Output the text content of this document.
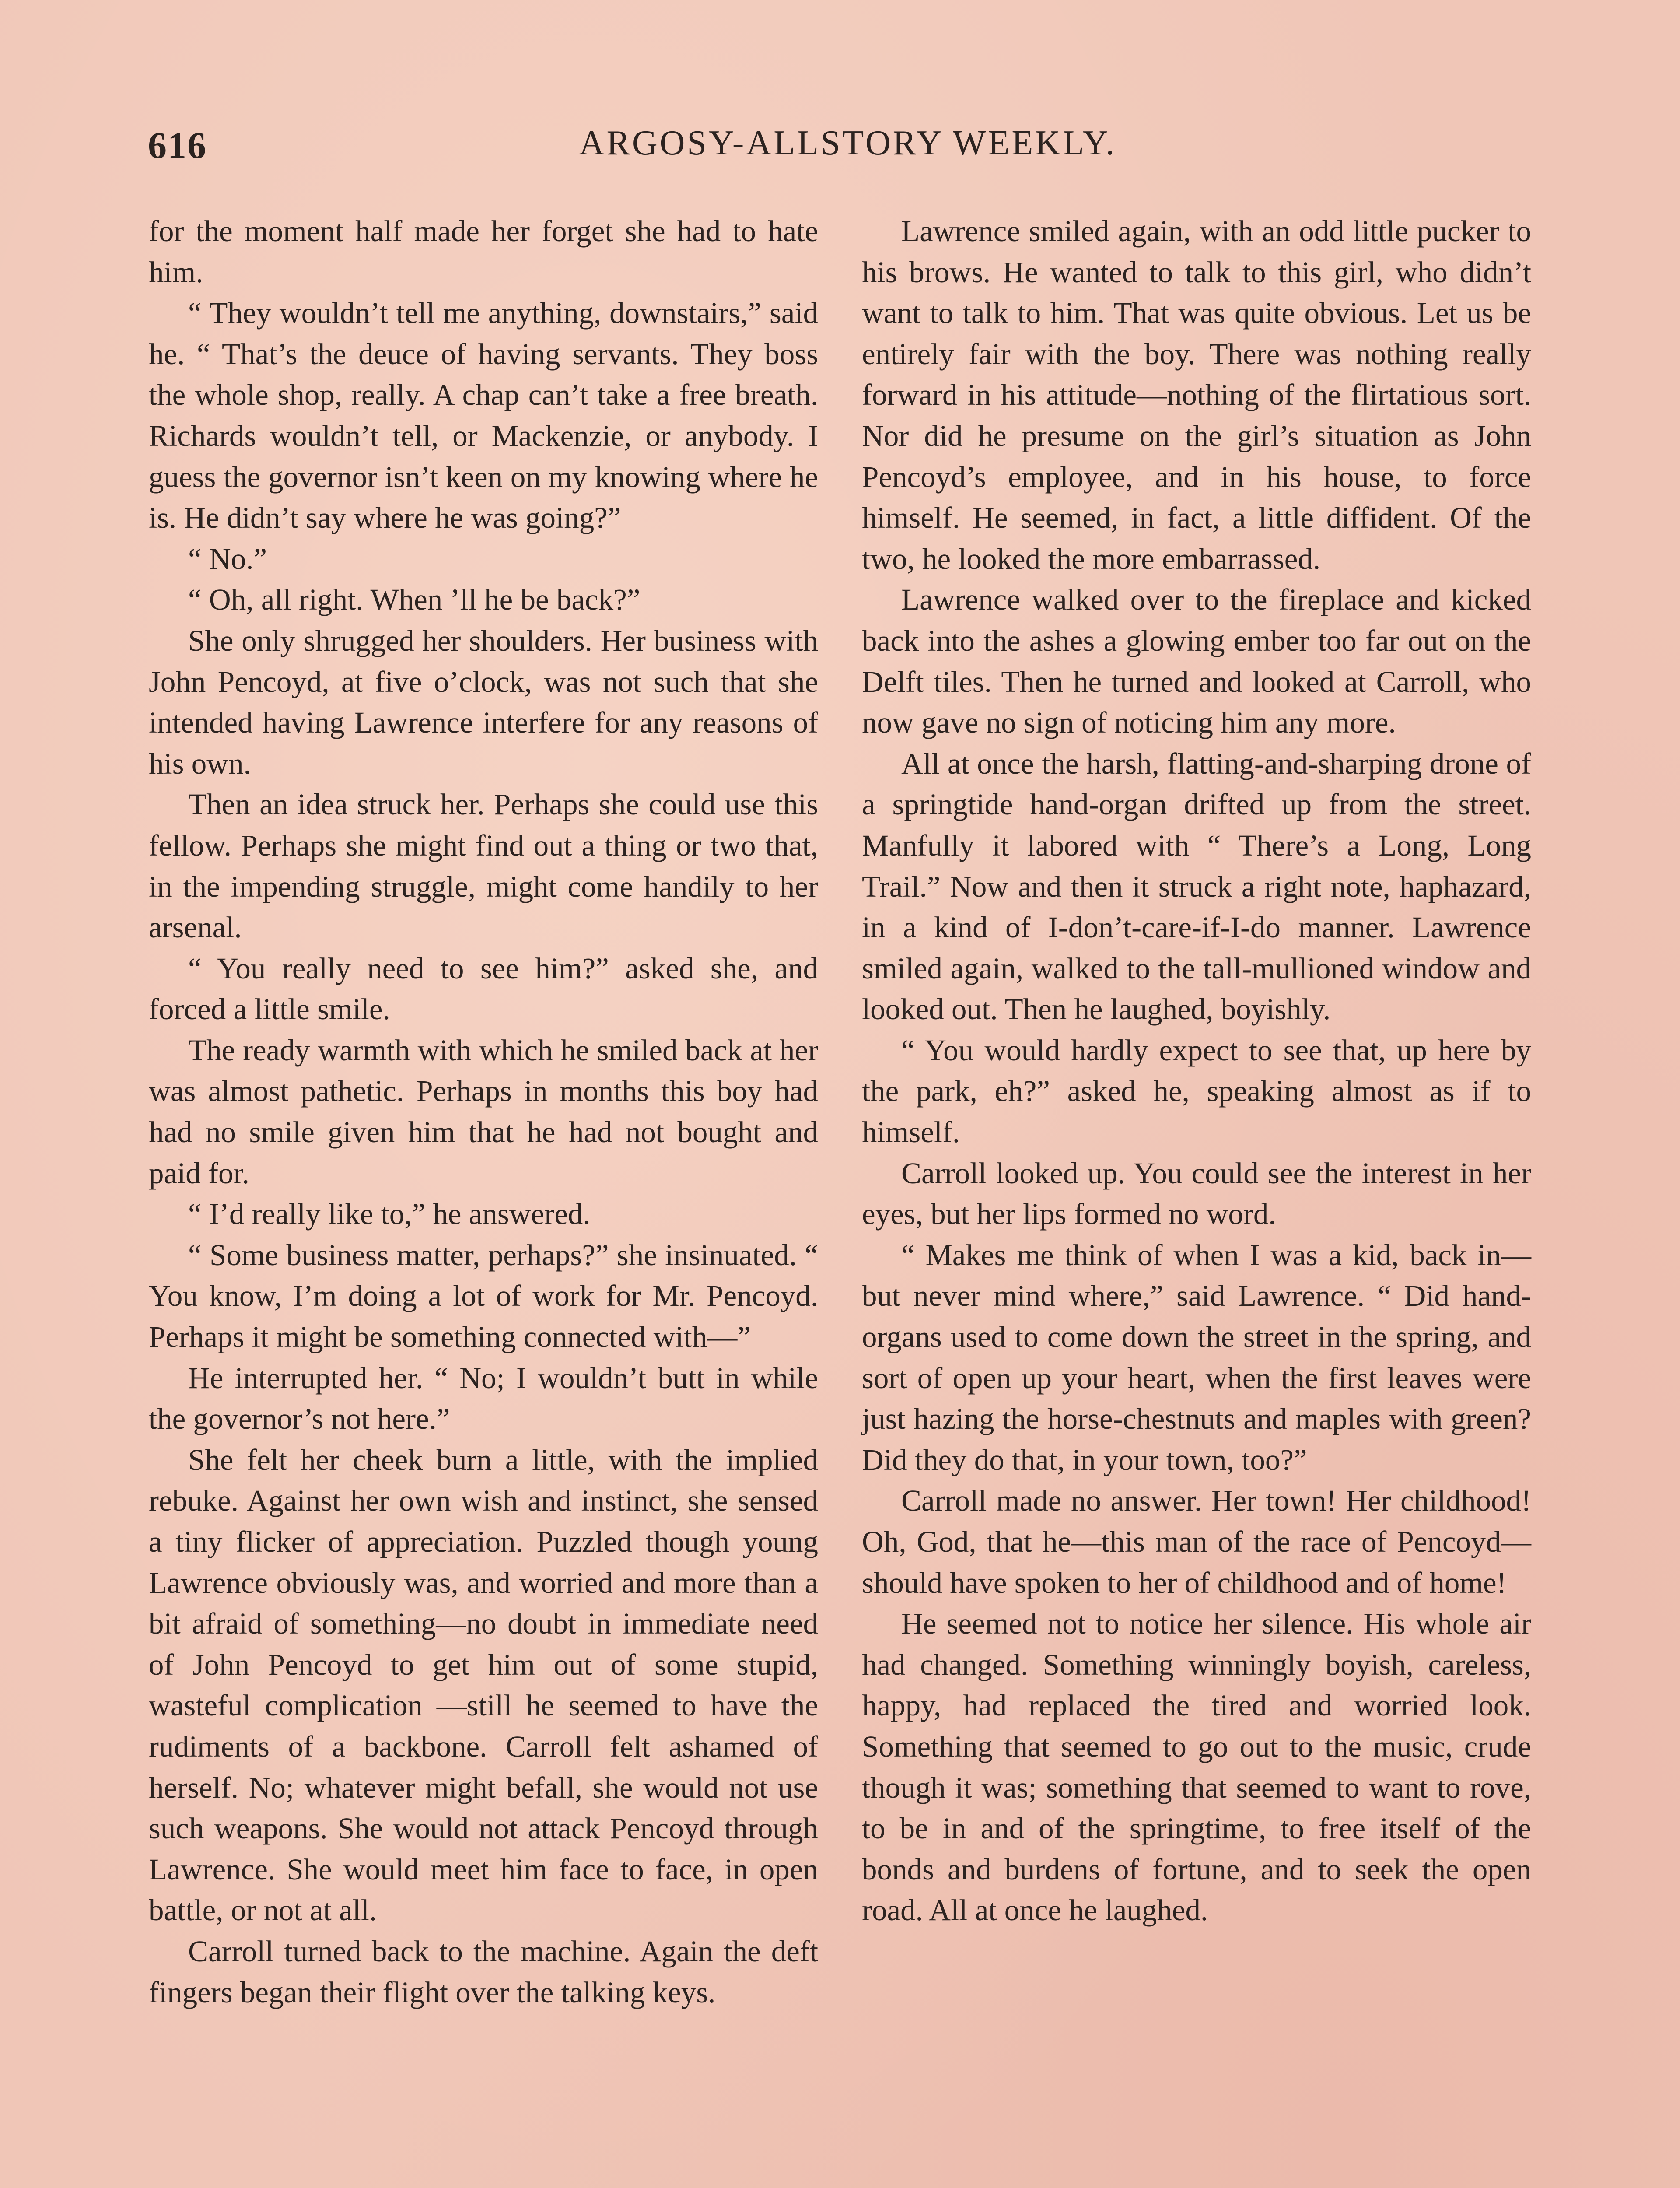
616	ARGOSY-ALLSTORY WEEKLY.

for the moment half made her forget she had to hate him.

“ They wouldn’t tell me anything, downstairs,” said he. “ That’s the deuce of having servants. They boss the whole shop, really. A chap can’t take a free breath. Richards wouldn’t tell, or Mackenzie, or anybody. I guess the governor isn’t keen on my knowing where he is. He didn’t say where he was going?”

“ No.”

“ Oh, all right. When ’ll he be back?”

She only shrugged her shoulders. Her business with John Pencoyd, at five o’clock, was not such that she intended having Lawrence interfere for any reasons of his own.

Then an idea struck her. Perhaps she could use this fellow. Perhaps she might find out a thing or two that, in the impending struggle, might come handily to her arsenal.

“ You really need to see him?” asked she, and forced a little smile.

The ready warmth with which he smiled back at her was almost pathetic. Perhaps in months this boy had had no smile given him that he had not bought and paid for.

“ I’d really like to,” he answered.

“ Some business matter, perhaps?” she insinuated. “ You know, I’m doing a lot of work for Mr. Pencoyd. Perhaps it might be something connected with—”

He interrupted her. “ No; I wouldn’t butt in while the governor’s not here.”

She felt her cheek burn a little, with the implied rebuke. Against her own wish and instinct, she sensed a tiny flicker of appreciation. Puzzled though young Lawrence obviously was, and worried and more than a bit afraid of something—no doubt in immediate need of John Pencoyd to get him out of some stupid, wasteful complication —still he seemed to have the rudiments of a backbone. Carroll felt ashamed of herself. No; whatever might befall, she would not use such weapons. She would not attack Pencoyd through Lawrence. She would meet him face to face, in open battle, or not at all.

Carroll turned back to the machine. Again the deft fingers began their flight over the talking keys.

Lawrence smiled again, with an odd little pucker to his brows. He wanted to talk to this girl, who didn’t want to talk to him. That was quite obvious. Let us be entirely fair with the boy. There was nothing really forward in his attitude—nothing of the flirtatious sort. Nor did he presume on the girl’s situation as John Pencoyd’s employee, and in his house, to force himself. He seemed, in fact, a little diffident. Of the two, he looked the more embarrassed.

Lawrence walked over to the fireplace and kicked back into the ashes a glowing ember too far out on the Delft tiles. Then he turned and looked at Carroll, who now gave no sign of noticing him any more.

All at once the harsh, flatting-and-sharping drone of a springtide hand-organ drifted up from the street. Manfully it labored with “ There’s a Long, Long Trail.” Now and then it struck a right note, haphazard, in a kind of I-don’t-care-if-I-do manner. Lawrence smiled again, walked to the tall-mullioned window and looked out. Then he laughed, boyishly.

“ You would hardly expect to see that, up here by the park, eh?” asked he, speaking almost as if to himself.

Carroll looked up. You could see the interest in her eyes, but her lips formed no word.

“ Makes me think of when I was a kid, back in—but never mind where,” said Lawrence. “ Did hand-organs used to come down the street in the spring, and sort of open up your heart, when the first leaves were just hazing the horse-chestnuts and maples with green? Did they do that, in your town, too?”

Carroll made no answer. Her town! Her childhood! Oh, God, that he—this man of the race of Pencoyd—should have spoken to her of childhood and of home!

He seemed not to notice her silence. His whole air had changed. Something winningly boyish, careless, happy, had replaced the tired and worried look. Something that seemed to go out to the music, crude though it was; something that seemed to want to rove, to be in and of the springtime, to free itself of the bonds and burdens of fortune, and to seek the open road. All at once he laughed.
